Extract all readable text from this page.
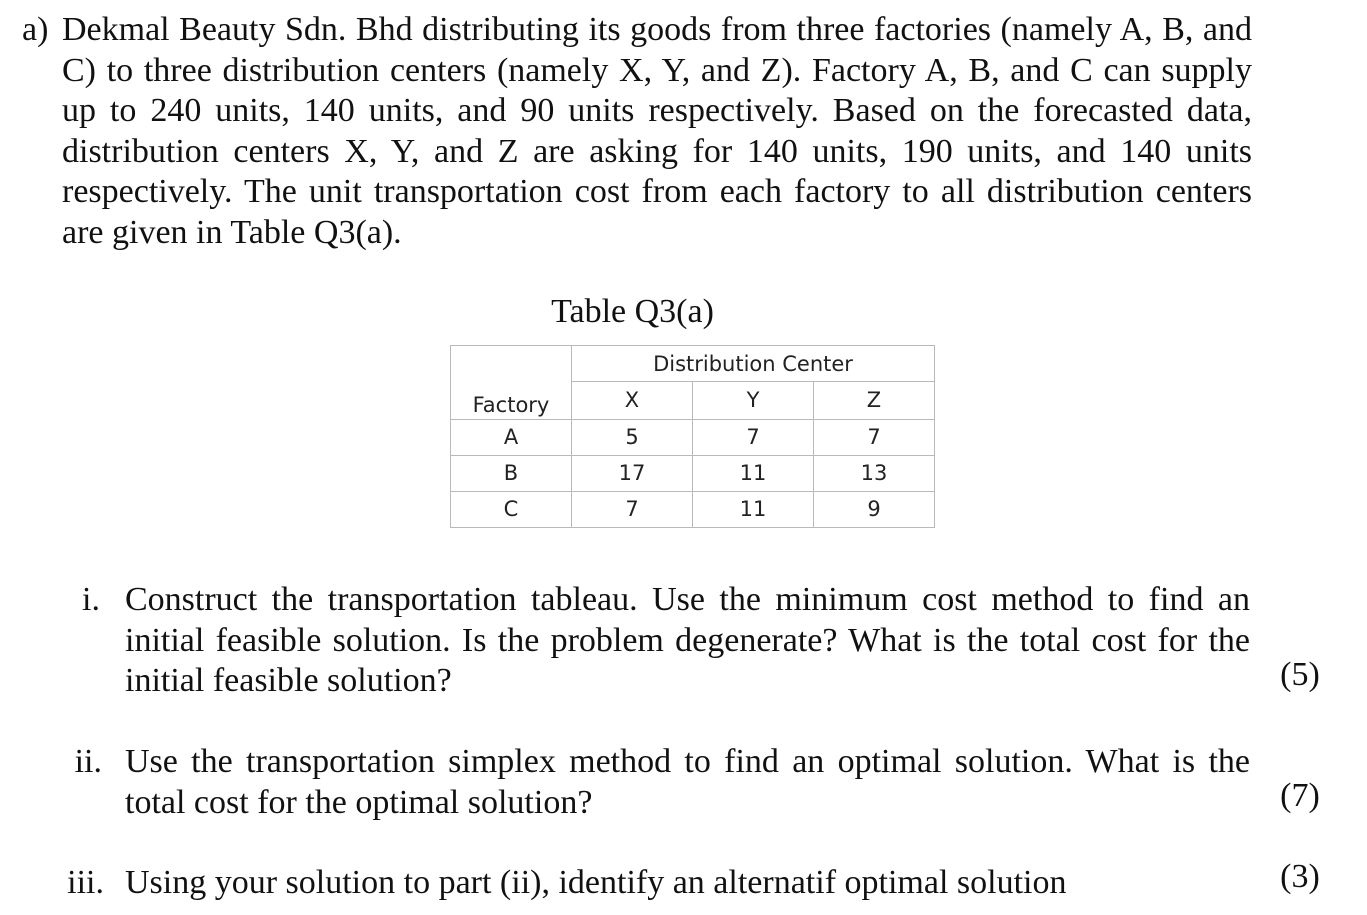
a) Dekmal Beauty Sdn. Bhd distributing its goods from three factories (namely A, B, and C) to three distribution centers (namely X, Y, and Z). Factory A, B, and C can supply up to 240 units, 140 units, and 90 units respectively. Based on the forecasted data, distribution centers X, Y, and Z are asking for 140 units, 190 units, and 140 units respectively. The unit transportation cost from each factory to all distribution centers are given in Table Q3(a).
Table Q3(a)
	Distribution Center		
Factory	X	Y	Z
A	5	7	7
B	17	11	13
C	7	11	9
i. Construct the transportation tableau. Use the minimum cost method to find an initial feasible solution. Is the problem degenerate? What is the total cost for the initial feasible solution?	(5)
ii. Use the transportation simplex method to find an optimal solution. What is the total cost for the optimal solution?	(7)
iii. Using your solution to part (ii), identify an alternatif optimal solution	(3)
